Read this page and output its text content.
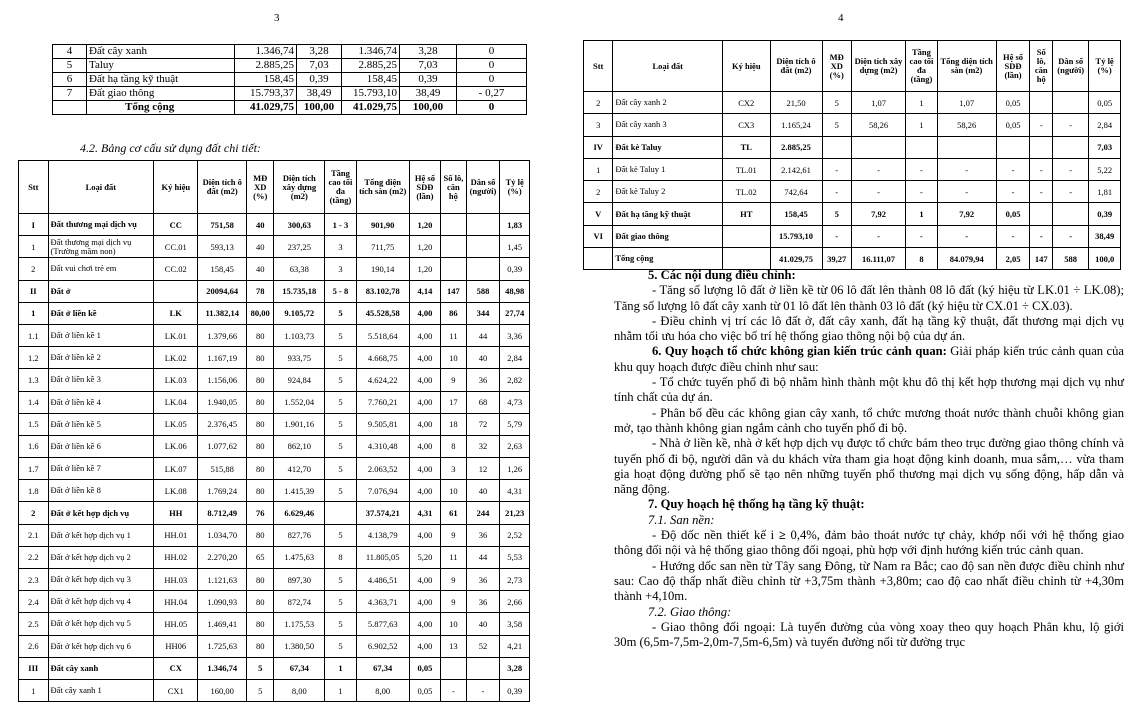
3	4
4	Đất cây xanh	1.346,74	3,28	1.346,74	3,28	0
5	Taluy	2.885,25	7,03	2.885,25	7,03	0
6	Đất hạ tầng kỹ thuật	158,45	0,39	158,45	0,39	0
7	Đất giao thông	15.793,37	38,49	15.793,10	38,49	- 0,27
	Tổng cộng	41.029,75	100,00	41.029,75	100,00	0
4.2. Bảng cơ cấu sử dụng đất chi tiết:
Stt	Loại đất	Ký hiệu	Diện tích ô đất (m2)	MĐ XD (%)	Diện tích xây dựng (m2)	Tầng cao tối đa (tầng)	Tổng diện tích sàn (m2)	Hệ số SDĐ (lần)	Số lô, căn hộ	Dân số (người)	Tỷ lệ (%)
I	Đất thương mại dịch vụ	CC	751,58	40	300,63	1 - 3	901,90	1,20			1,83
1	Đất thương mại dịch vụ (Trường mầm non)	CC.01	593,13	40	237,25	3	711,75	1,20			1,45
2	Đất vui chơi trẻ em	CC.02	158,45	40	63,38	3	190,14	1,20			0,39
II	Đất ở		20094,64	78	15.735,18	5 - 8	83.102,78	4,14	147	588	48,98
1	Đất ở liền kề	LK	11.382,14	80,00	9.105,72	5	45.528,58	4,00	86	344	27,74
1.1	Đất ở liền kề 1	LK.01	1.379,66	80	1.103,73	5	5.518,64	4,00	11	44	3,36
1.2	Đất ở liền kề 2	LK.02	1.167,19	80	933,75	5	4.668,75	4,00	10	40	2,84
1.3	Đất ở liền kề 3	LK.03	1.156,06	80	924,84	5	4.624,22	4,00	9	36	2,82
1.4	Đất ở liền kề 4	LK.04	1.940,05	80	1.552,04	5	7.760,21	4,00	17	68	4,73
1.5	Đất ở liền kề 5	LK.05	2.376,45	80	1.901,16	5	9.505,81	4,00	18	72	5,79
1.6	Đất ở liền kề 6	LK.06	1.077,62	80	862,10	5	4.310,48	4,00	8	32	2,63
1.7	Đất ở liền kề 7	LK.07	515,88	80	412,70	5	2.063,52	4,00	3	12	1,26
1.8	Đất ở liền kề 8	LK.08	1.769,24	80	1.415,39	5	7.076,94	4,00	10	40	4,31
2	Đất ở kết hợp dịch vụ	HH	8.712,49	76	6.629,46		37.574,21	4,31	61	244	21,23
2.1	Đất ở kết hợp dịch vụ 1	HH.01	1.034,70	80	827,76	5	4.138,79	4,00	9	36	2,52
2.2	Đất ở kết hợp dịch vụ 2	HH.02	2.270,20	65	1.475,63	8	11.805,05	5,20	11	44	5,53
2.3	Đất ở kết hợp dịch vụ 3	HH.03	1.121,63	80	897,30	5	4.486,51	4,00	9	36	2,73
2.4	Đất ở kết hợp dịch vụ 4	HH.04	1.090,93	80	872,74	5	4.363,71	4,00	9	36	2,66
2.5	Đất ở kết hợp dịch vụ 5	HH.05	1.469,41	80	1.175,53	5	5.877,63	4,00	10	40	3,58
2.6	Đất ở kết hợp dịch vụ 6	HH06	1.725,63	80	1.380,50	5	6.902,52	4,00	13	52	4,21
III	Đất cây xanh	CX	1.346,74	5	67,34	1	67,34	0,05			3,28
1	Đất cây xanh 1	CX1	160,00	5	8,00	1	8,00	0,05	-	-	0,39
Stt	Loại đất	Ký hiệu	Diện tích ô đất (m2)	MĐ XD (%)	Diện tích xây dựng (m2)	Tầng cao tối đa (tầng)	Tổng diện tích sàn (m2)	Hệ số SDĐ (lần)	Số lô, căn hộ	Dân số (người)	Tỷ lệ (%)
2	Đất cây xanh 2	CX2	21,50	5	1,07	1	1,07	0,05			0,05
3	Đất cây xanh 3	CX3	1.165,24	5	58,26	1	58,26	0,05	-	-	2,84
IV	Đất kè Taluy	TL	2.885,25								7,03
1	Đất kè Taluy 1	TL.01	2.142,61	-	-	-	-	-	-	-	5,22
2	Đất kè Taluy 2	TL.02	742,64	-	-	-	-	-	-	-	1,81
V	Đất hạ tầng kỹ thuật	HT	158,45	5	7,92	1	7,92	0,05			0,39
VI	Đất giao thông		15.793,10	-	-	-	-	-	-	-	38,49
	Tổng cộng		41.029,75	39,27	16.111,07	8	84.079,94	2,05	147	588	100,0

5. Các nội dung điều chỉnh:

- Tăng số lượng lô đất ở liền kề từ 06 lô đất lên thành 08 lô đất (ký hiệu từ LK.01 ÷ LK.08); Tăng số lượng lô đất cây xanh từ 01 lô đất lên thành 03 lô đất (ký hiệu từ CX.01 ÷ CX.03).

- Điều chỉnh vị trí các lô đất ở, đất cây xanh, đất hạ tầng kỹ thuật, đất thương mại dịch vụ nhằm tối ưu hóa cho việc bố trí hệ thống giao thông nội bộ của dự án.

6. Quy hoạch tổ chức không gian kiến trúc cảnh quan: Giải pháp kiến trúc cảnh quan của khu quy hoạch được điều chỉnh như sau:

- Tổ chức tuyến phố đi bộ nhằm hình thành một khu đô thị kết hợp thương mại dịch vụ như tính chất của dự án.

- Phân bố đều các không gian cây xanh, tổ chức mương thoát nước thành chuỗi không gian mở, tạo thành không gian ngắm cảnh cho tuyến phố đi bộ.

- Nhà ở liền kề, nhà ở kết hợp dịch vụ được tổ chức bám theo trục đường giao thông chính và tuyến phố đi bộ, người dân và du khách vừa tham gia hoạt động kinh doanh, mua sắm,… vừa tham gia hoạt động đường phố sẽ tạo nên những tuyến phố thương mại dịch vụ sống động, hấp dẫn và năng động.

7. Quy hoạch hệ thống hạ tầng kỹ thuật:

7.1. San nền:

- Độ dốc nền thiết kế i ≥ 0,4%, đảm bảo thoát nước tự chảy, khớp nối với hệ thống giao thông đối nội và hệ thống giao thông đối ngoại, phù hợp với định hướng kiến trúc cảnh quan.

- Hướng dốc san nền từ Tây sang Đông, từ Nam ra Bắc; cao độ san nền được điều chỉnh như sau: Cao độ thấp nhất điều chỉnh từ +3,75m thành +3,80m; cao độ cao nhất điều chỉnh từ +4,30m thành +4,10m.

7.2. Giao thông:

- Giao thông đối ngoại: Là tuyến đường của vòng xoay theo quy hoạch Phân khu, lộ giới 30m (6,5m-7,5m-2,0m-7,5m-6,5m) và tuyến đường nối từ đường trục
